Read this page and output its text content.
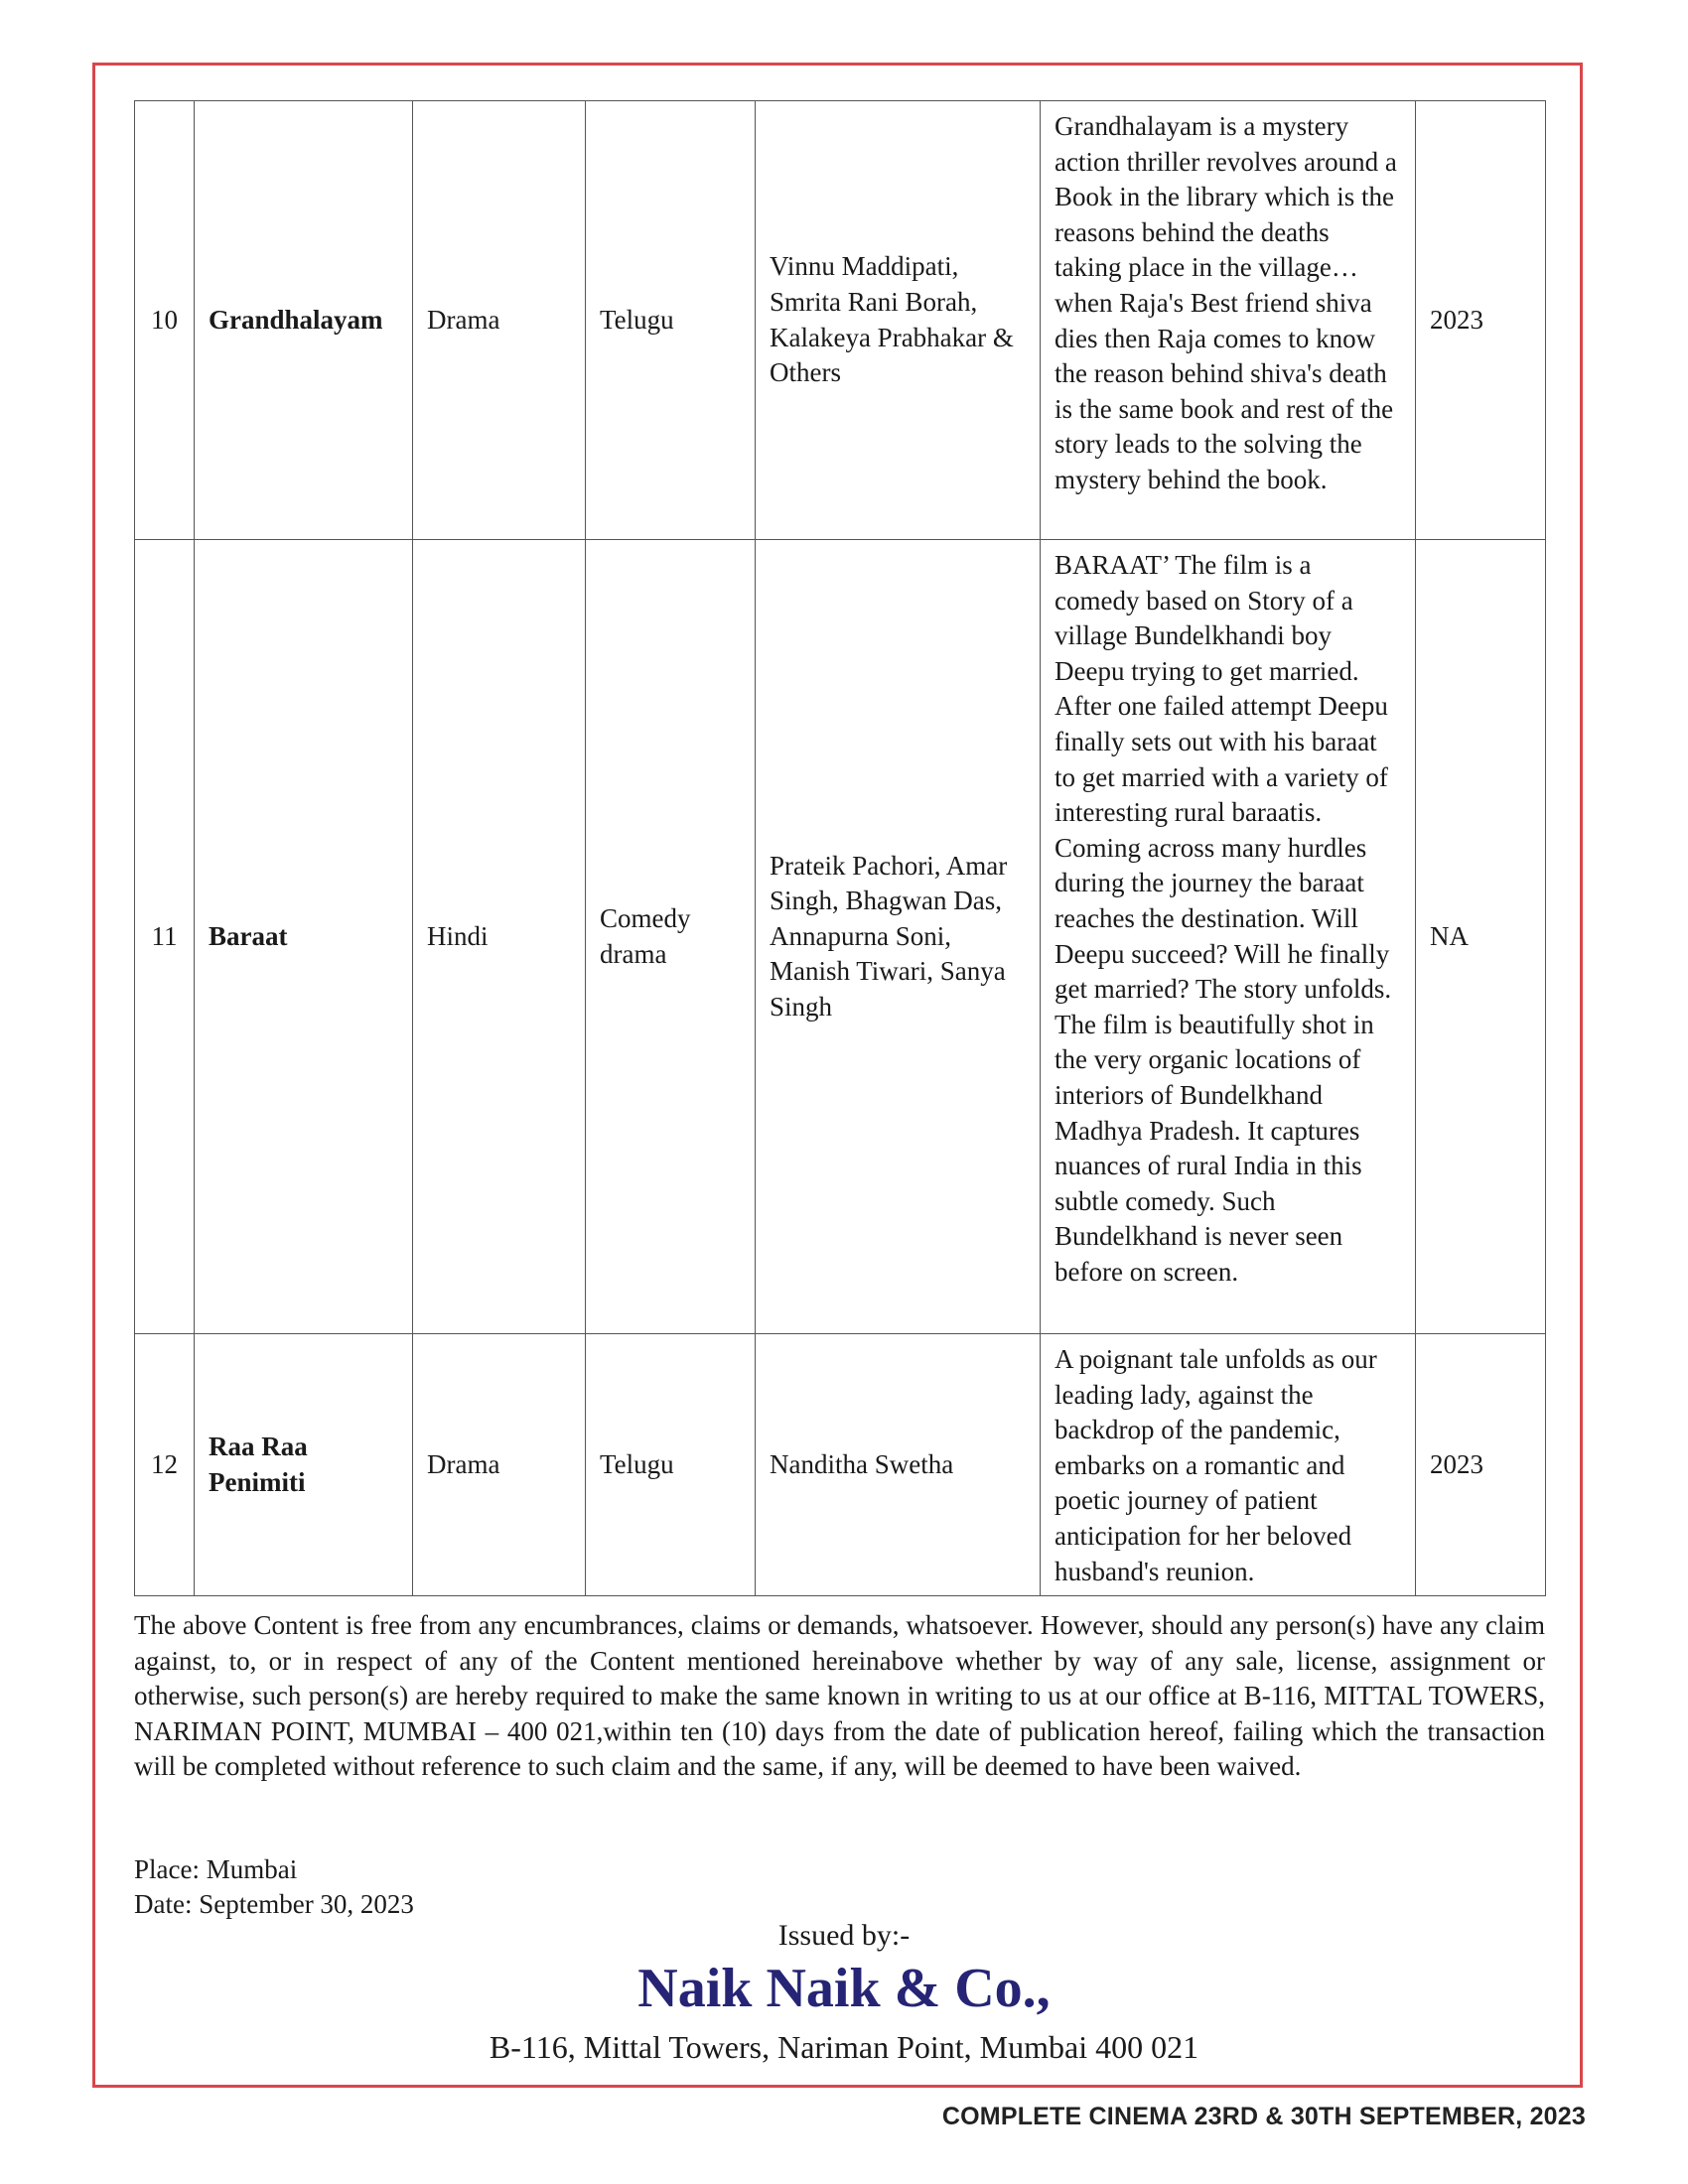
10	Grandhalayam	Drama	Telugu	Vinnu Maddipati, Smrita Rani Borah, Kalakeya Prabhakar & Others	Grandhalayam is a mystery action thriller revolves around a Book in the library which is the reasons behind the deaths taking place in the village… when Raja's Best friend shiva dies then Raja comes to know the reason behind shiva's death is the same book and rest of the story leads to the solving the mystery behind the book.	2023
11	Baraat	Hindi	Comedy drama	Prateik Pachori, Amar Singh, Bhagwan Das, Annapurna Soni, Manish Tiwari, Sanya Singh	BARAAT’ The film is a comedy based on Story of a village Bundelkhandi boy Deepu trying to get married. After one failed attempt Deepu finally sets out with his baraat to get married with a variety of interesting rural baraatis. Coming across many hurdles during the journey the baraat reaches the destination. Will Deepu succeed? Will he finally get married? The story unfolds. The film is beautifully shot in the very organic locations of interiors of Bundelkhand Madhya Pradesh. It captures nuances of rural India in this subtle comedy. Such Bundelkhand is never seen before on screen.	NA
12	Raa Raa Penimiti	Drama	Telugu	Nanditha Swetha	A poignant tale unfolds as our leading lady, against the backdrop of the pandemic, embarks on a romantic and poetic journey of patient anticipation for her beloved husband's reunion.	2023

The above Content is free from any encumbrances, claims or demands, whatsoever. However, should any person(s) have any claim against, to, or in respect of any of the Content mentioned hereinabove whether by way of any sale, license, assignment or otherwise, such person(s) are hereby required to make the same known in writing to us at our office at B-116, MITTAL TOWERS, NARIMAN POINT, MUMBAI – 400 021,within ten (10) days from the date of publication hereof, failing which the transaction will be completed without reference to such claim and the same, if any, will be deemed to have been waived.

Place: Mumbai
Date: September 30, 2023
Issued by:-
Naik Naik & Co.,
B-116, Mittal Towers, Nariman Point, Mumbai 400 021
COMPLETE CINEMA 23RD & 30TH SEPTEMBER, 2023
